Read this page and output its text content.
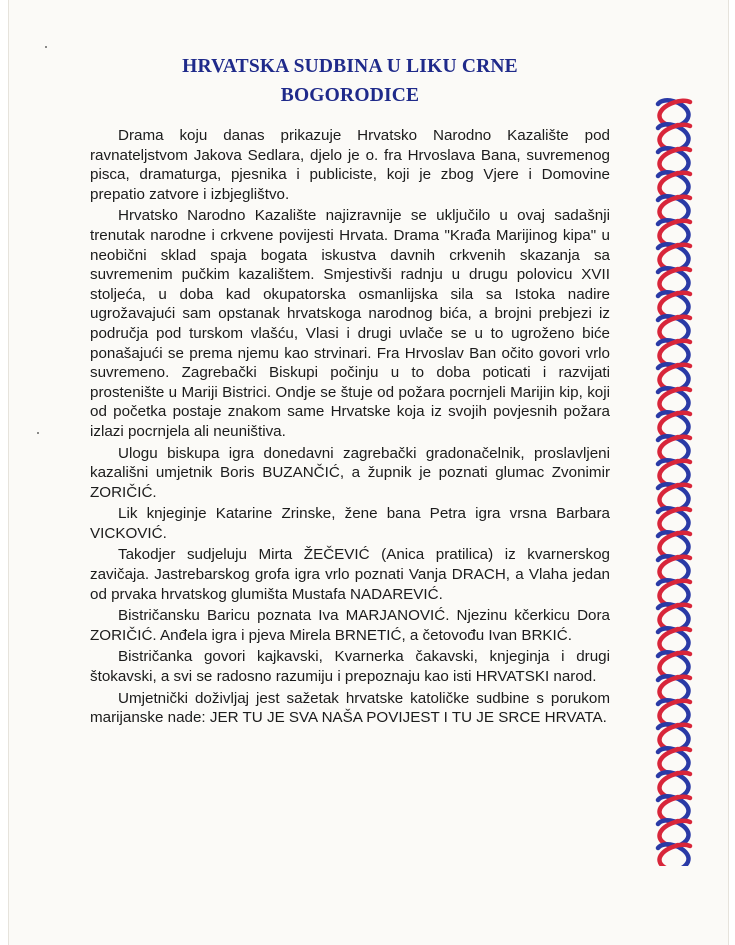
HRVATSKA SUDBINA U LIKU CRNE BOGORODICE

Drama koju danas prikazuje Hrvatsko Narodno Kazalište pod ravnateljstvom Jakova Sedlara, djelo je o. fra Hrvoslava Bana, suvremenog pisca, dramaturga, pjesnika i publiciste, koji je zbog Vjere i Domovine prepatio zatvore i izbjeglištvo.

Hrvatsko Narodno Kazalište najizravnije se uključilo u ovaj sadašnji trenutak narodne i crkvene povijesti Hrvata. Drama "Krađa Marijinog kipa" u neobični sklad spaja bogata iskustva davnih crkvenih skazanja sa suvremenim pučkim kazalištem. Smjestivši radnju u drugu polovicu XVII stoljeća, u doba kad okupatorska osmanlijska sila sa Istoka nadire ugrožavajući sam opstanak hrvatskoga narodnog bića, a brojni prebjezi iz područja pod turskom vlašću, Vlasi i drugi uvlače se u to ugroženo biće ponašajući se prema njemu kao strvinari. Fra Hrvoslav Ban očito govori vrlo suvremeno. Zagrebački Biskupi počinju u to doba poticati i razvijati prostenište u Mariji Bistrici. Ondje se štuje od požara pocrnjeli Marijin kip, koji od početka postaje znakom same Hrvatske koja iz svojih povjesnih požara izlazi pocrnjela ali neuništiva.

Ulogu biskupa igra donedavni zagrebački gradonačelnik, proslavljeni kazališni umjetnik Boris BUZANČIĆ, a župnik je poznati glumac Zvonimir ZORIČIĆ.

Lik knjeginje Katarine Zrinske, žene bana Petra igra vrsna Barbara VICKOVIĆ.

Takodjer sudjeluju Mirta ŽEČEVIĆ (Anica pratilica) iz kvarnerskog zavičaja. Jastrebarskog grofa igra vrlo poznati Vanja DRACH, a Vlaha jedan od prvaka hrvatskog glumišta Mustafa NADAREVIĆ.

Bistričansku Baricu poznata Iva MARJANOVIĆ. Njezinu kčerkicu Dora ZORIČIĆ. Anđela igra i pjeva Mirela BRNETIĆ, a četovođu Ivan BRKIĆ.

Bistričanka govori kajkavski, Kvarnerka čakavski, knjeginja i drugi štokavski, a svi se radosno razumiju i prepoznaju kao isti HRVATSKI narod.

Umjetnički doživljaj jest sažetak hrvatske katoličke sudbine s porukom marijanske nade: JER TU JE SVA NAŠA POVIJEST I TU JE SRCE HRVATA.
